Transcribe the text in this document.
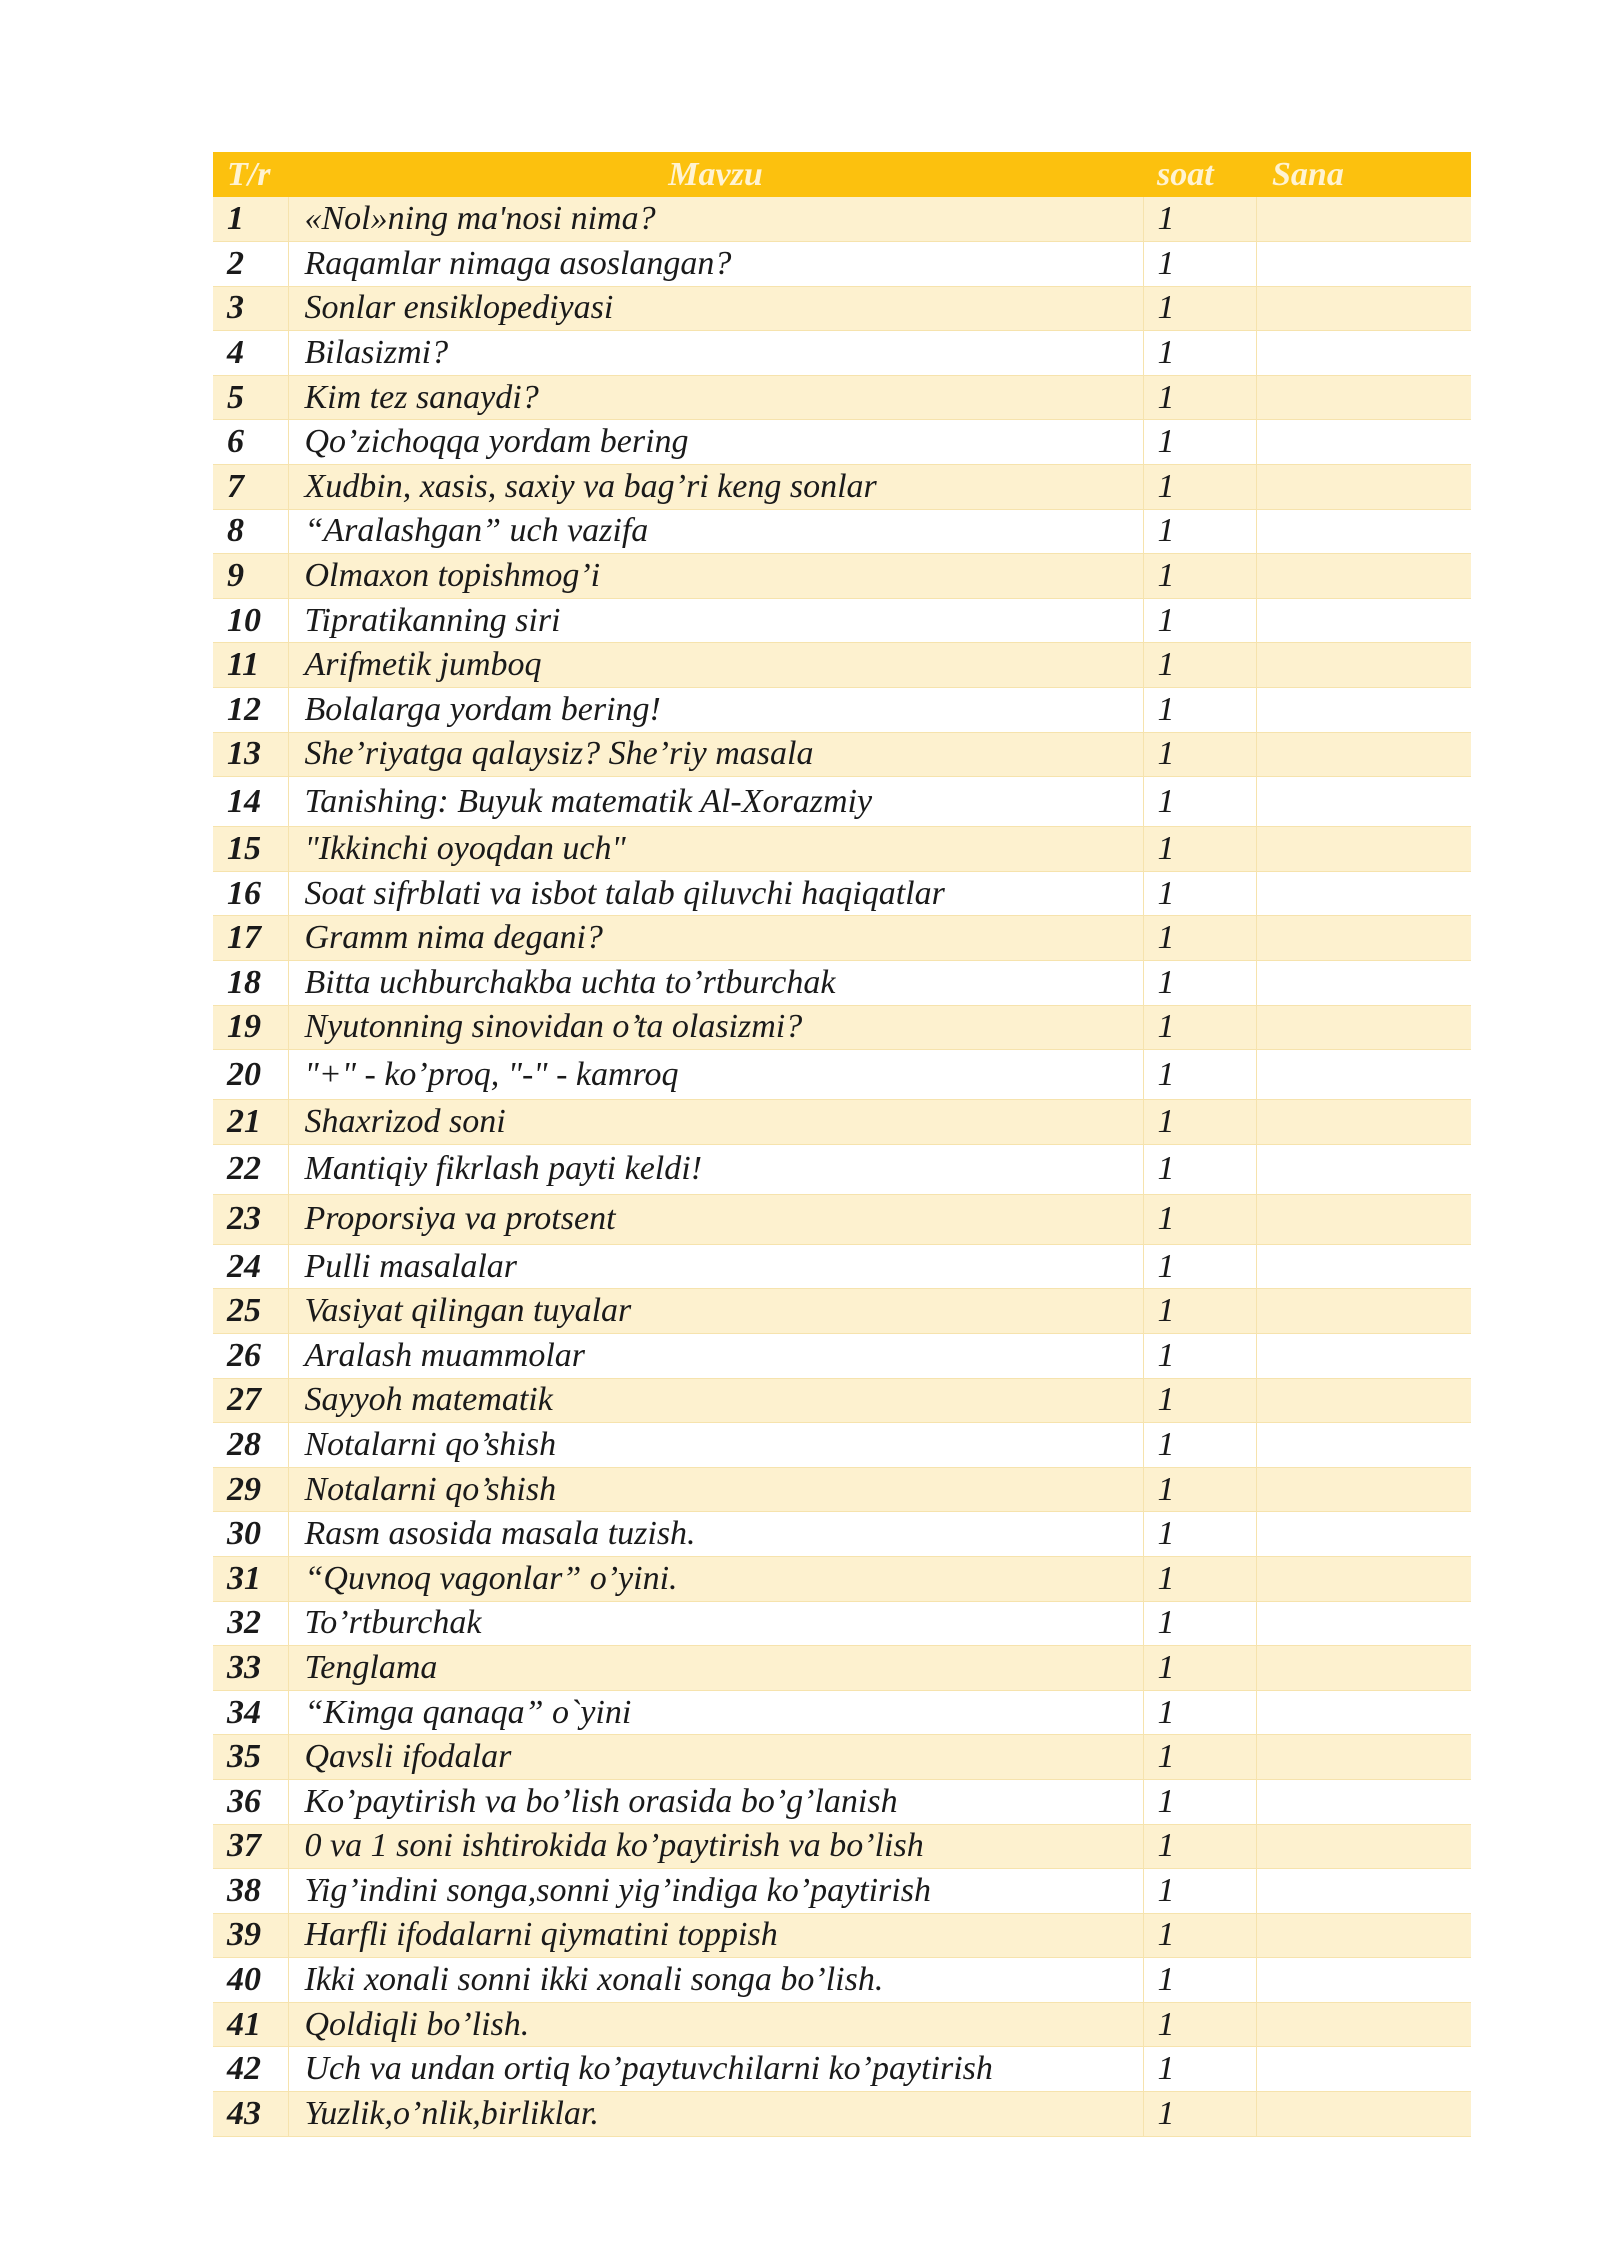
T/r	Mavzu	soat	Sana
1	«Nol»ning ma'nosi nima?	1	
2	Raqamlar nimaga asoslangan?	1	
3	Sonlar ensiklopediyasi	1	
4	Bilasizmi?	1	
5	Kim tez sanaydi?	1	
6	Qo’zichoqqa yordam bering	1	
7	Xudbin, xasis, saxiy va bag’ri keng sonlar	1	
8	“Aralashgan” uch vazifa	1	
9	Olmaxon topishmog’i	1	
10	Tipratikanning siri	1	
11	Arifmetik jumboq	1	
12	Bolalarga yordam bering!	1	
13	She’riyatga qalaysiz? She’riy masala	1	
14	Tanishing: Buyuk matematik Al-Xorazmiy	1	
15	"Ikkinchi oyoqdan uch"	1	
16	Soat sifrblati va isbot talab qiluvchi haqiqatlar	1	
17	Gramm nima degani?	1	
18	Bitta uchburchakba uchta to’rtburchak	1	
19	Nyutonning sinovidan o’ta olasizmi?	1	
20	"+" - ko’proq, "-" - kamroq	1	
21	Shaxrizod soni	1	
22	Mantiqiy fikrlash payti keldi!	1	
23	Proporsiya va protsent	1	
24	Pulli masalalar	1	
25	Vasiyat qilingan tuyalar	1	
26	Aralash muammolar	1	
27	Sayyoh matematik	1	
28	Notalarni qo’shish	1	
29	Notalarni qo’shish	1	
30	Rasm asosida masala tuzish.	1	
31	“Quvnoq vagonlar” o’yini.	1	
32	To’rtburchak	1	
33	Tenglama	1	
34	“Kimga qanaqa” o`yini	1	
35	Qavsli ifodalar	1	
36	Ko’paytirish va bo’lish orasida bo’g’lanish	1	
37	0 va 1 soni ishtirokida ko’paytirish va bo’lish	1	
38	Yig’indini songa,sonni yig’indiga ko’paytirish	1	
39	Harfli ifodalarni qiymatini toppish	1	
40	Ikki xonali sonni ikki xonali songa bo’lish.	1	
41	Qoldiqli bo’lish.	1	
42	Uch va undan ortiq ko’paytuvchilarni ko’paytirish	1	
43	Yuzlik,o’nlik,birliklar.	1	
